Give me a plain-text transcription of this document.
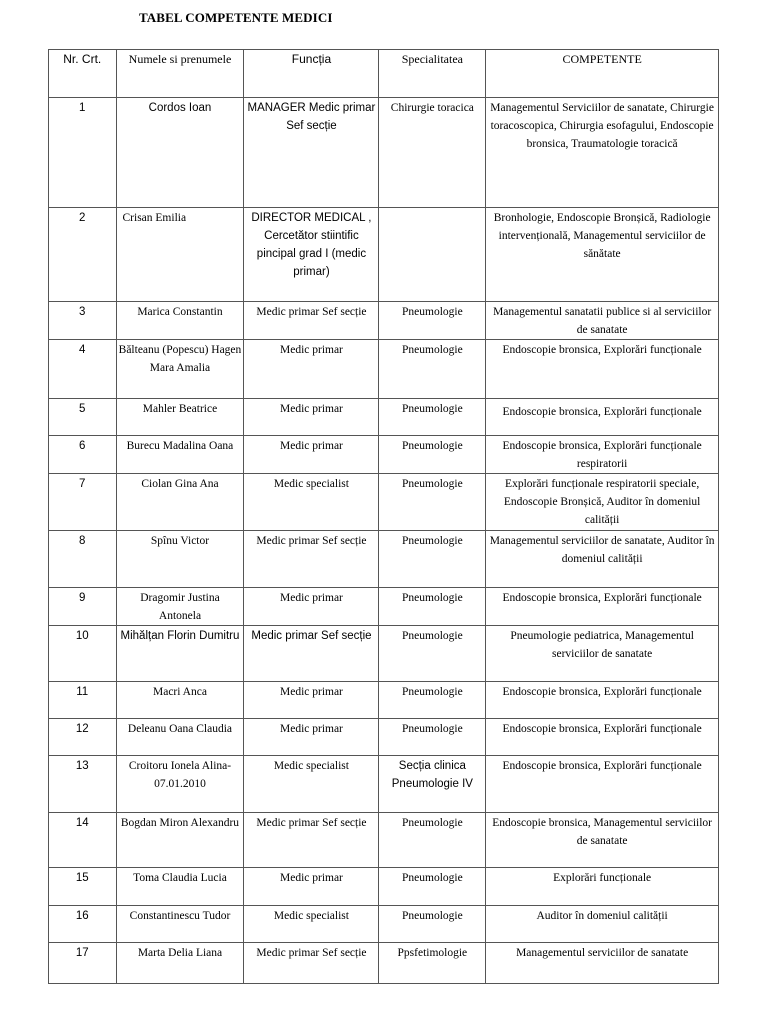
TABEL COMPETENTE MEDICI
Nr. Crt.	Numele si prenumele	Funcția	Specialitatea	COMPETENTE
1	Cordos Ioan	MANAGER Medic primar Sef secție	Chirurgie toracica	Managementul Serviciilor de sanatate, Chirurgie toracoscopica, Chirurgia esofagului, Endoscopie bronsica, Traumatologie toracică
2	Crisan Emilia	DIRECTOR MEDICAL , Cercetător stiintific pincipal grad I (medic primar)		Bronhologie, Endoscopie Bronșică, Radiologie intervențională, Managementul serviciilor de sănătate
3	Marica Constantin	Medic primar Sef secție	Pneumologie	Managementul sanatatii publice si al serviciilor de sanatate
4	Bălteanu (Popescu) Hagen Mara Amalia	Medic primar	Pneumologie	Endoscopie bronsica, Explorări funcționale
5	Mahler Beatrice	Medic primar	Pneumologie	Endoscopie bronsica, Explorări funcționale
6	Burecu Madalina Oana	Medic primar	Pneumologie	Endoscopie bronsica, Explorări funcționale respiratorii
7	Ciolan Gina Ana	Medic specialist	Pneumologie	Explorări funcționale respiratorii speciale, Endoscopie Bronșică, Auditor în domeniul calității
8	Spînu Victor	Medic primar Sef secție	Pneumologie	Managementul serviciilor de sanatate, Auditor în domeniul calității
9	Dragomir Justina Antonela	Medic primar	Pneumologie	Endoscopie bronsica, Explorări funcționale
10	Mihălțan Florin Dumitru	Medic primar Sef secție	Pneumologie	Pneumologie pediatrica, Managementul serviciilor de sanatate
11	Macri Anca	Medic primar	Pneumologie	Endoscopie bronsica, Explorări funcționale
12	Deleanu Oana Claudia	Medic primar	Pneumologie	Endoscopie bronsica, Explorări funcționale
13	Croitoru Ionela Alina- 07.01.2010	Medic specialist	Secția clinica Pneumologie IV	Endoscopie bronsica, Explorări funcționale
14	Bogdan Miron Alexandru	Medic primar Sef secție	Pneumologie	Endoscopie bronsica, Managementul serviciilor de sanatate
15	Toma Claudia Lucia	Medic primar	Pneumologie	Explorări funcționale
16	Constantinescu Tudor	Medic specialist	Pneumologie	Auditor în domeniul calității
17	Marta Delia Liana	Medic primar Sef secție	Ppsfetimologie	Managementul serviciilor de sanatate
